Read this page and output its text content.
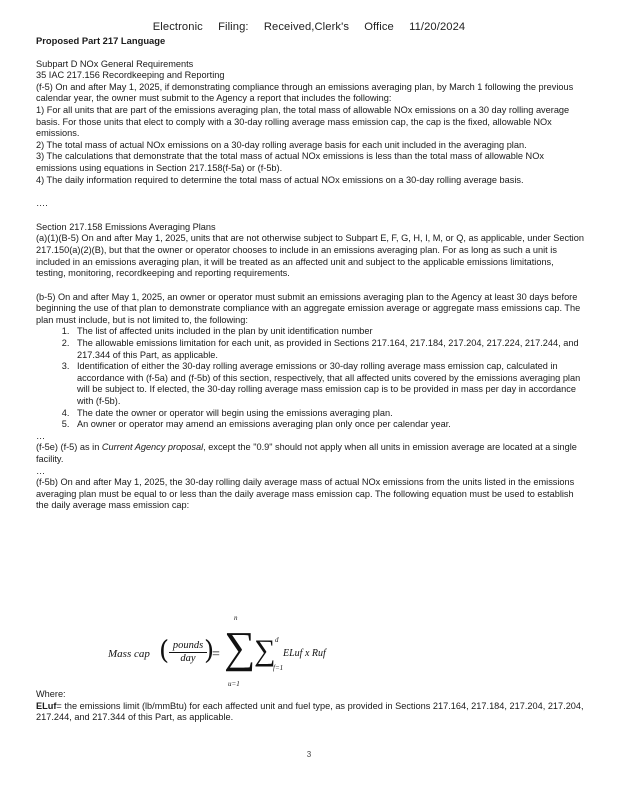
Electronic Filing: Received,Clerk's Office 11/20/2024

Proposed Part 217 Language

Subpart D NOx General Requirements

35 IAC 217.156 Recordkeeping and Reporting

(f-5) On and after May 1, 2025, if demonstrating compliance through an emissions averaging plan, by March 1 following the previous calendar year, the owner must submit to the Agency a report that includes the following:

1) For all units that are part of the emissions averaging plan, the total mass of allowable NOx emissions on a 30 day rolling average basis. For those units that elect to comply with a 30-day rolling average mass emission cap, the cap is the fixed, allowable NOx emissions.

2) The total mass of actual NOx emissions on a 30-day rolling average basis for each unit included in the averaging plan.

3) The calculations that demonstrate that the total mass of actual NOx emissions is less than the total mass of allowable NOx emissions using equations in Section 217.158(f-5a) or (f-5b).

4) The daily information required to determine the total mass of actual NOx emissions on a 30-day rolling average basis.

….

Section 217.158 Emissions Averaging Plans

(a)(1)(B-5) On and after May 1, 2025, units that are not otherwise subject to Subpart E, F, G, H, I, M, or Q, as applicable, under Section 217.150(a)(2)(B), but that the owner or operator chooses to include in an emissions averaging plan. For as long as such a unit is included in an emissions averaging plan, it will be treated as an affected unit and subject to the applicable emissions limitations, testing, monitoring, recordkeeping and reporting requirements.

(b-5) On and after May 1, 2025, an owner or operator must submit an emissions averaging plan to the Agency at least 30 days before beginning the use of that plan to demonstrate compliance with an aggregate emission average or aggregate mass emissions cap. The plan must include, but is not limited to, the following:

1. The list of affected units included in the plan by unit identification number
2. The allowable emissions limitation for each unit, as provided in Sections 217.164, 217.184, 217.204, 217.224, 217.244, and 217.344 of this Part, as applicable.
3. Identification of either the 30-day rolling average emissions or 30-day rolling average mass emission cap, calculated in accordance with (f-5a) and (f-5b) of this section, respectively, that all affected units covered by the emissions averaging plan will be subject to. If elected, the 30-day rolling average mass emission cap is to be provided in mass per day in accordance with (f-5b).
4. The date the owner or operator will begin using the emissions averaging plan.
5. An owner or operator may amend an emissions averaging plan only once per calendar year.

…

(f-5e) (f-5) as in Current Agency proposal, except the "0.9" should not apply when all units in emission average are located at a single facility.

…

(f-5b) On and after May 1, 2025, the 30-day rolling daily average mass of actual NOx emissions from the units listed in the emissions averaging plan must be equal to or less than the daily average mass emission cap. The following equation must be used to establish the daily average mass emission cap:

Mass cap ( pounds
day )
=
n
∑
u=1
d
∑
f=1
ELuf x Ruf

Where:

ELuf= the emissions limit (lb/mmBtu) for each affected unit and fuel type, as provided in Sections 217.164, 217.184, 217.204, 217.204, 217.244, and 217.344 of this Part, as applicable.

3
